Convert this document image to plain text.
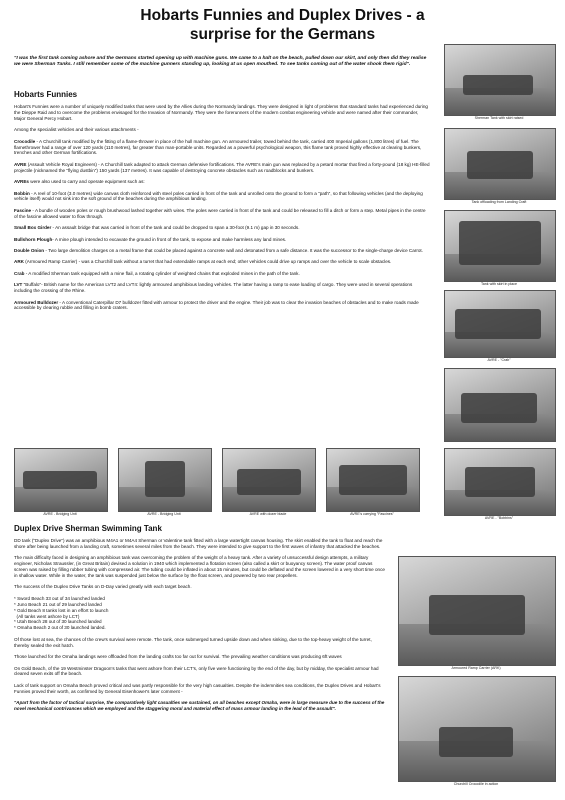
Hobarts Funnies and Duplex Drives - a
surprise for the Germans
"I was the first tank coming ashore and the Germans started opening up with machine guns. We came to a halt on the beach, pulled down our skirt, and only then did they realise we were Sherman Tanks. I still remember some of the machine gunners standing up, looking at us open mouthed. To see tanks coming out of the water shook them rigid".
Hobarts Funnies

Hobart's Funnies were a number of uniquely modified tanks that were used by the Allies during the Normandy landings. They were designed in light of problems that standard tanks had experienced during the Dieppe Raid and to overcome the problems envisaged for the Invasion of Normandy. They were the forerunners of the modern combat engineering vehicle and were named after their commander, Major General Percy Hobart.

Among the specialist vehicles and their various attachments -

Crocodile - A Churchill tank modified by the fitting of a flame-thrower in place of the hull machine gun. An armoured trailer, towed behind the tank, carried 400 Imperial gallons (1,800 litres) of fuel. The flamethrower had a range of over 120 yards (110 metres), far greater than man-portable units. Regarded as a powerful psychological weapon, this flame tank proved highly effective at clearing bunkers, trenches and other German fortifications.

AVRE (Assault Vehicle Royal Engineers) - A Churchill tank adapted to attack German defensive fortifications. The AVRE's main gun was replaced by a petard mortar that fired a forty-pound (18 kg) HE-filled projectile (nicknamed the "flying dustbin") 150 yards (137 metres). It was capable of destroying concrete obstacles such as roadblocks and bunkers.

AVREs were also used to carry and operate equipment such as:

Bobbin - A reel of 10-foot (3.0 metres) wide canvas cloth reinforced with steel poles carried in front of the tank and unrolled onto the ground to form a "path", so that following vehicles (and the deploying vehicle itself) would not sink into the soft ground of the beaches during the amphibious landing.

Fascine - A bundle of wooden poles or rough brushwood lashed together with wires. The poles were carried in front of the tank and could be released to fill a ditch or form a step. Metal pipes in the centre of the fascine allowed water to flow through.

Small Box Girder - An assault bridge that was carried in front of the tank and could be dropped to span a 30-foot (9.1 m) gap in 30 seconds.

Bullshorn Plough- A mine plough intended to excavate the ground in front of the tank, to expose and make harmless any land mines.

Double Onion - Two large demolition charges on a metal frame that could be placed against a concrete wall and detonated from a safe distance. It was the successor to the single-charge device Carrot.

ARK (Armoured Ramp Carrier) - was a Churchill tank without a turret that had extendable ramps at each end; other vehicles could drive up ramps and over the vehicle to scale obstacles.

Crab - A modified Sherman tank equipped with a mine flail, a rotating cylinder of weighted chains that exploded mines in the path of the tank.

LVT "Buffalo"- British name for the American LVT2 and LVT4: lightly armoured amphibious landing vehicles. The latter having a ramp to ease loading of cargo. They were used in several operations including the crossing of the Rhine.

Armoured Bulldozer - A conventional Caterpillar D7 bulldozer fitted with armour to protect the driver and the engine. Their job was to clear the invasion beaches of obstacles and to make roads made accessible by clearing rubble and filling in bomb craters.

Duplex Drive Sherman Swimming Tank

DD tank ("Duplex Drive") was an amphibious M4A1 or M4A4 Sherman or Valentine tank fitted with a large watertight canvas housing. The skirt enabled the tank to float and reach the shore after being launched from a landing craft, sometimes several miles from the beach. They were intended to give support to the first waves of infantry that attacked the beaches.

The main difficulty faced in designing an amphibious tank was overcoming the problem of the weight of a heavy tank. After a variety of unsuccessful design attempts, a military engineer, Nicholas Straussler, (in Great Britain) devised a solution in 1940 which implemented a flotation screen (also called a skirt or buoyancy screen). The water proof canvas screen was raised by filling rubber tubing with compressed air. The tubing could be inflated in about 15 minutes, but could be deflated and the screen lowered in a very short time once in shallow water. While in the water, the tank was suspended just below the surface by the float screen, and powered by two rear propellers.

The success of the Duplex Drive Tanks on D-Day varied greatly with each target beach.

* Sword Beach 33 out of 34 launched landed
* Juno Beach 21 out of 29 launched landed
* Gold Beach 8 tanks lost in an effort to launch
(All tanks went ashore by LCT)
* Utah Beach 28 out of 30 launched landed
* Omaha Beach 2 out of 30 launched landed.

Of those lost at sea, the chances of the crew's survival were remote. The tank, once submerged turned upside down and when sinking, due to the top-heavy weight of the turret, thereby sealed the exit hatch.

Those launched for the Omaha landings were offloaded from the landing crafts too far out for survival. The prevailing weather conditions was producing 6ft waves

On Gold Beach, of the 19 Westminster Dragoon's tanks that went ashore from their LCT's, only five were functioning by the end of the day, but by midday, the specialist armour had cleared seven exits off the beach.

Lack of tank support on Omaha Beach proved critical and was partly responsible for the very high casualties. Despite the indemnities sea conditions, the Duplex Drives and Hobart's Funnies proved their worth, as confirmed by General Eisenhower's later comment -

"Apart from the factor of tactical surprise, the comparatively light casualties we sustained, on all beaches except Omaha, were in large measure due to the success of the novel mechanical contrivances which we employed and the staggering moral and material effect of mass armour landing in the lead of the assault".

Sherman Tank with skirt raised
Tank offloading from Landing Craft
Tank with skirt in place
AVRE - "Crab"
AVRE - Bridging Unit	AVRE - Bridging Unit	AVRE with dozer blade	AVRE's carrying "Fascines"
AVRE - "Bobbins"
Armoured Ramp Carrier (ARK)
Churchill Crocodile in action
